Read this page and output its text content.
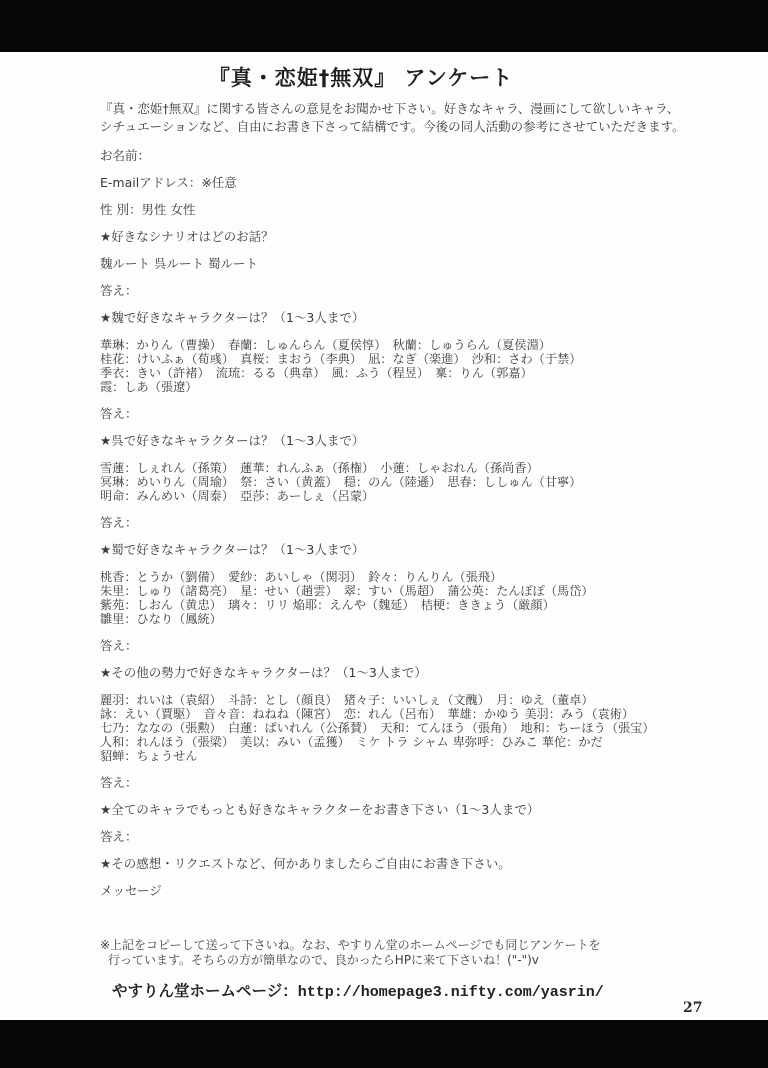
『真・恋姫†無双』 アンケート

『真・恋姫†無双』に関する皆さんの意見をお聞かせ下さい。好きなキャラ、漫画にして欲しいキャラ、
シチュエーションなど、自由にお書き下さって結構です。今後の同人活動の参考にさせていただきます。

お名前：

E-mailアドレス：※任意

性 別：男性 女性

★好きなシナリオはどのお話？

魏ルート 呉ルート 蜀ルート

答え：

★魏で好きなキャラクターは？（1～3人まで）

華琳：かりん（曹操）　春蘭：しゅんらん（夏侯惇）　秋蘭：しゅうらん（夏侯淵）

桂花：けいふぁ（荀彧）　真桜：まおう（李典）　凪：なぎ（楽進）　沙和：さわ（于禁）

季衣：きい（許褚）　流琉：るる（典韋）　風：ふう（程昱）　稟：りん（郭嘉）

霞：しあ（張遼）

答え：

★呉で好きなキャラクターは？（1～3人まで）

雪蓮：しぇれん（孫策）　蓮華：れんふぁ（孫権）　小蓮：しゃおれん（孫尚香）

冥琳：めいりん（周瑜）　祭：さい（黄蓋）　穏：のん（陸遜）　思春：ししゅん（甘寧）

明命：みんめい（周泰）　亞莎：あーしぇ（呂蒙）

答え：

★蜀で好きなキャラクターは？（1～3人まで）

桃香：とうか（劉備）　愛紗：あいしゃ（関羽）　鈴々：りんりん（張飛）

朱里：しゅり（諸葛亮）　星：せい（趙雲）　翠：すい（馬超）　蒲公英：たんぽぽ（馬岱）

紫苑：しおん（黄忠）　璃々：リリ 焔耶：えんや（魏延）　桔梗：ききょう（厳顔）

雛里：ひなり（鳳統）

答え：

★その他の勢力で好きなキャラクターは？（1～3人まで）

麗羽：れいは（袁紹）　斗詩：とし（顔良）　猪々子：いいしぇ（文醜）　月：ゆえ（董卓）

詠：えい（賈駆）　音々音：ねねね（陳宮）　恋：れん（呂布）　華雄：かゆう 美羽：みう（袁術）

七乃：ななの（張勲）　白蓮：ぱいれん（公孫賛）　天和：てんほう（張角）　地和：ちーほう（張宝）

人和：れんほう（張梁）　美以：みい（孟獲）　ミケ トラ シャム 卑弥呼：ひみこ 華佗：かだ

貂蝉：ちょうせん

答え：

★全てのキャラでもっとも好きなキャラクターをお書き下さい（1～3人まで）

答え：

★その感想・リクエストなど、何かありましたらご自由にお書き下さい。

メッセージ

※上記をコピーして送って下さいね。なお、やすりん堂のホームページでも同じアンケートを
行っています。そちらの方が簡単なので、良かったらHPに来て下さいね！("-")v

やすりん堂ホームページ：http://homepage3.nifty.com/yasrin/

27
